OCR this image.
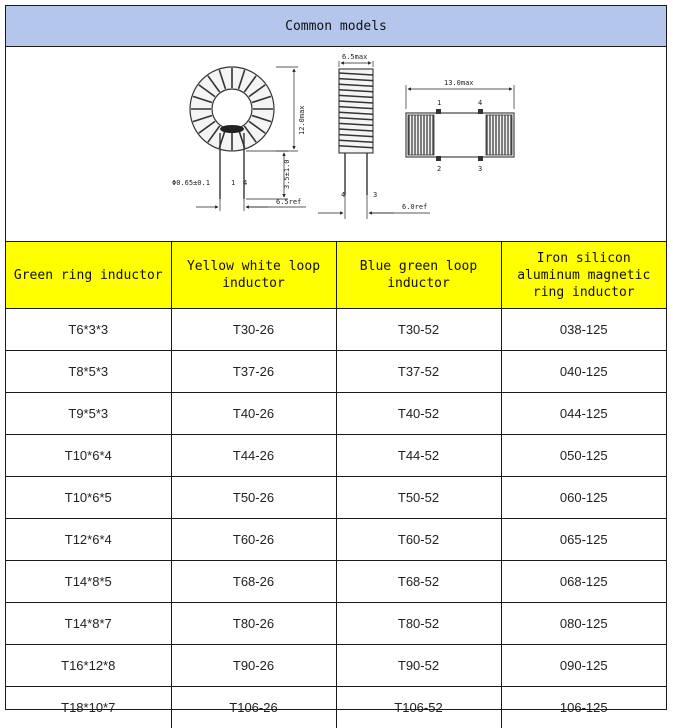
Common models
12.0max
3.5±1.0
Φ0.65±0.1	1 4
6.5ref
6.5max
4	3
6.0ref
13.0max
1	4
2	3
Green ring inductor	Yellow white loop inductor	Blue green loop inductor	Iron silicon aluminum magnetic ring inductor
T6*3*3	T30-26	T30-52	038-125
T8*5*3	T37-26	T37-52	040-125
T9*5*3	T40-26	T40-52	044-125
T10*6*4	T44-26	T44-52	050-125
T10*6*5	T50-26	T50-52	060-125
T12*6*4	T60-26	T60-52	065-125
T14*8*5	T68-26	T68-52	068-125
T14*8*7	T80-26	T80-52	080-125
T16*12*8	T90-26	T90-52	090-125
T18*10*7	T106-26	T106-52	106-125
